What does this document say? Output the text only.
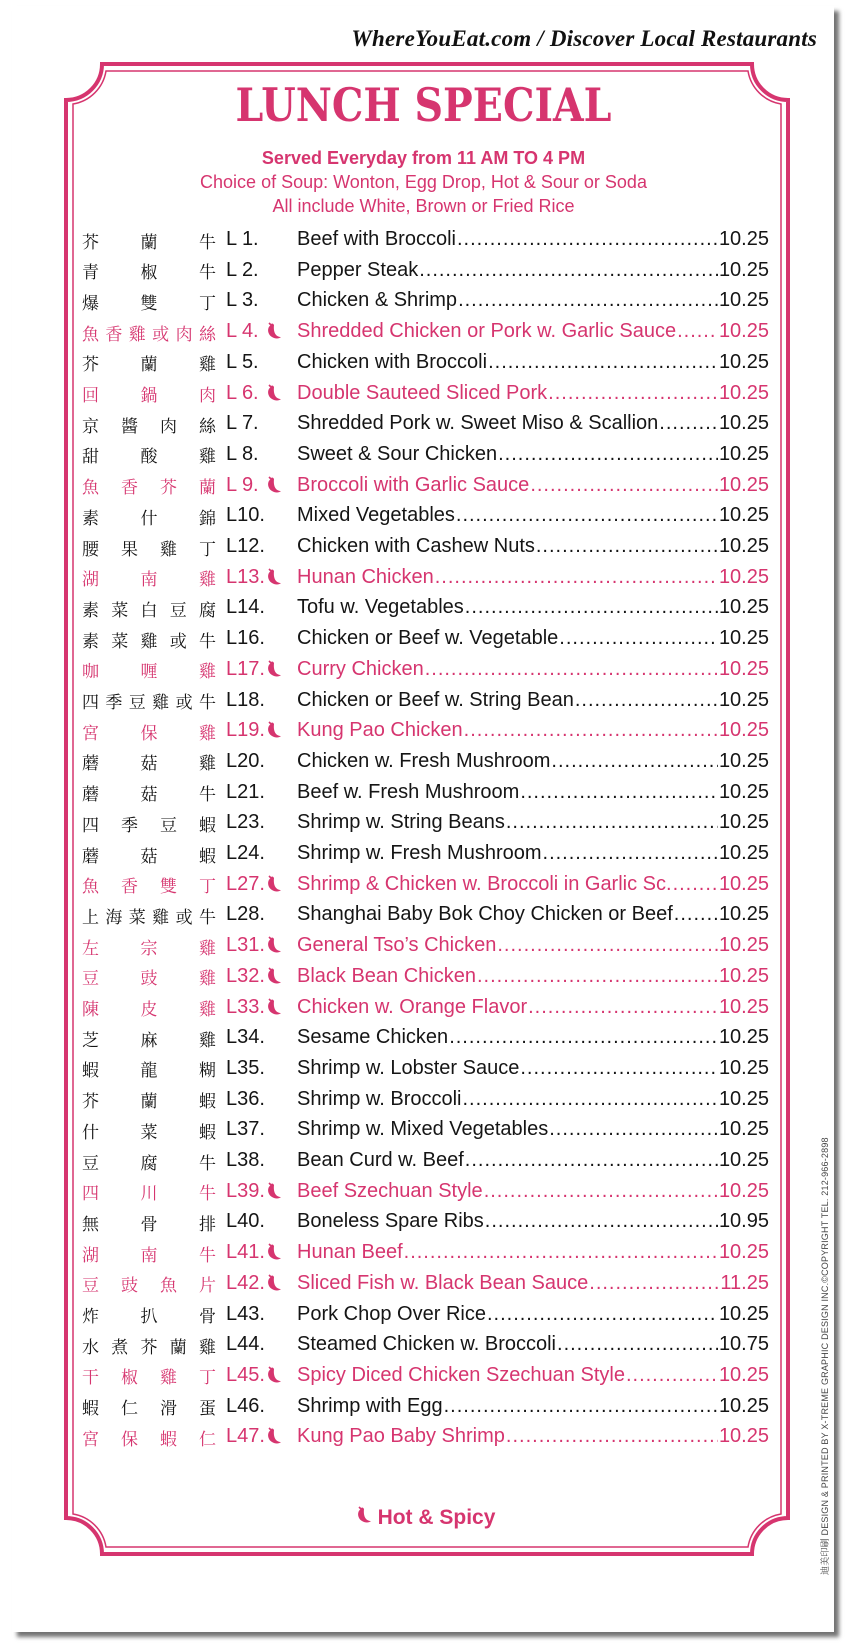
WhereYouEat.com / Discover Local Restaurants
LUNCH SPECIAL
Served Everyday from 11 AM TO 4 PM
Choice of Soup: Wonton, Egg Drop, Hot & Sour or Soda
All include White, Brown or Fried Rice
芥 蘭 牛 L 1. Beef with Broccoli .....	10.25
青 椒 牛 L 2. Pepper Steak .....	10.25
爆 雙 丁 L 3. Chicken & Shrimp .....	10.25
魚 香 雞 或 肉 絲 L 4. Shredded Chicken or Pork w. Garlic Sauce ..... 10.25
芥 蘭 雞 L 5. Chicken with Broccoli .....	10.25
回 鍋 肉 L 6. Double Sauteed Sliced Pork .....	10.25
京 醬 肉 絲 L 7. Shredded Pork w. Sweet Miso & Scallion .....	10.25
甜 酸 雞 L 8. Sweet & Sour Chicken .....	10.25
魚 香 芥 蘭 L 9. Broccoli with Garlic Sauce .....	10.25
素 什 錦 L10. Mixed Vegetables .....	10.25
腰 果 雞 丁 L12. Chicken with Cashew Nuts .....	10.25
湖 南 雞 L13. Hunan Chicken .....	10.25
素 菜 白 豆 腐 L14. Tofu w. Vegetables .....	10.25
素 菜 雞 或 牛 L16. Chicken or Beef w. Vegetable .....	10.25
咖 喱 雞 L17. Curry Chicken .....	10.25
四 季 豆 雞 或 牛 L18. Chicken or Beef w. String Bean .....	10.25
宮 保 雞 L19. Kung Pao Chicken .....	10.25
蘑 菇 雞 L20. Chicken w. Fresh Mushroom .....	10.25
蘑 菇 牛 L21. Beef w. Fresh Mushroom .....	10.25
四 季 豆 蝦 L23. Shrimp w. String Beans .....	10.25
蘑 菇 蝦 L24. Shrimp w. Fresh Mushroom .....	10.25
魚 香 雙 丁 L27. Shrimp & Chicken w. Broccoli in Garlic Sc. ..... 10.25
上 海 菜 雞 或 牛 L28. Shanghai Baby Bok Choy Chicken or Beef ..... 10.25
左 宗 雞 L31. General Tso’s Chicken .....	10.25
豆 豉 雞 L32. Black Bean Chicken .....	10.25
陳 皮 雞 L33. Chicken w. Orange Flavor .....	10.25
芝 麻 雞 L34. Sesame Chicken .....	10.25
蝦 龍 糊 L35. Shrimp w. Lobster Sauce .....	10.25
芥 蘭 蝦 L36. Shrimp w. Broccoli .....	10.25
什 菜 蝦 L37. Shrimp w. Mixed Vegetables .....	10.25
豆 腐 牛 L38. Bean Curd w. Beef .....	10.25
四 川 牛 L39. Beef Szechuan Style .....	10.25
無 骨 排 L40. Boneless Spare Ribs .....	10.95
湖 南 牛 L41. Hunan Beef .....	10.25
豆 豉 魚 片 L42. Sliced Fish w. Black Bean Sauce .....	11.25
炸 扒 骨 L43. Pork Chop Over Rice .....	10.25
水 煮 芥 蘭 雞 L44. Steamed Chicken w. Broccoli .....	10.75
干 椒 雞 丁 L45. Spicy Diced Chicken Szechuan Style .....	10.25
蝦 仁 滑 蛋 L46. Shrimp with Egg .....	10.25
宮 保 蝦 仁 L47. Kung Pao Baby Shrimp .....	10.25
Hot & Spicy	迪美印刷 DESIGN & PRINTED BY X-TREME GRAPHIC DESIGN INC.©COPYRIGHT TEL. 212-966-2898
